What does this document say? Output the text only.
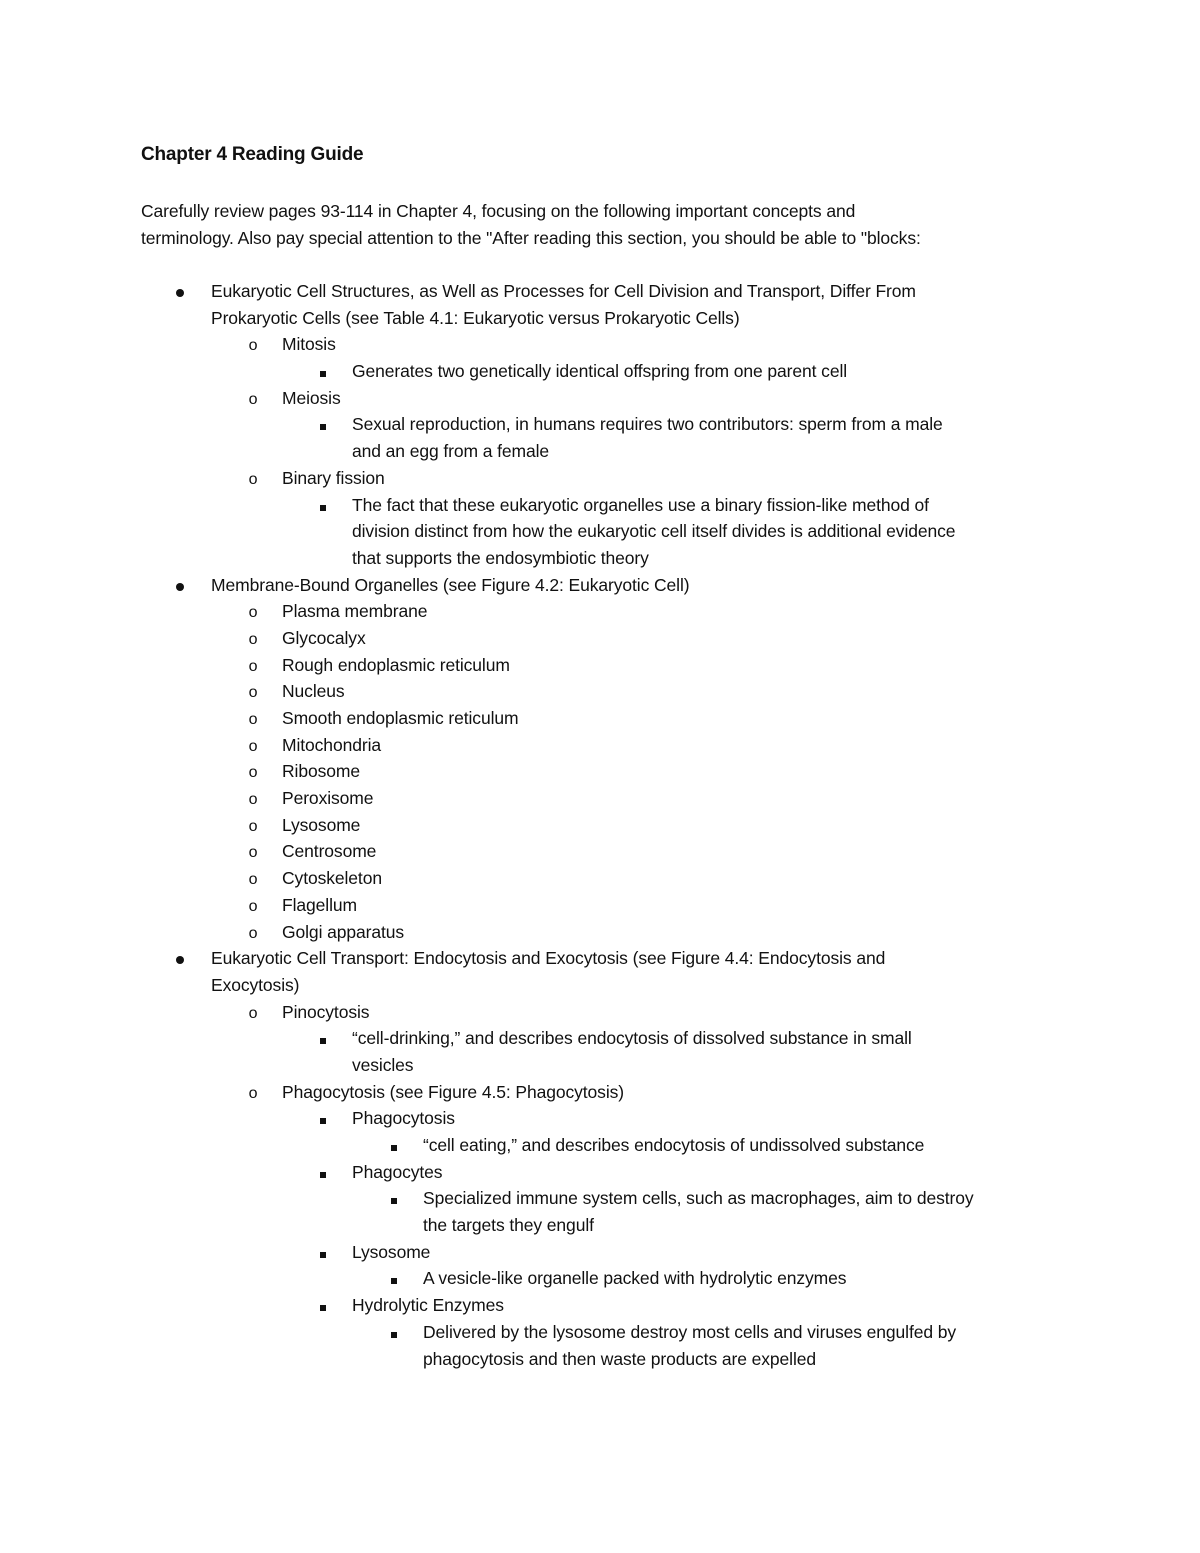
Chapter 4 Reading Guide
Carefully review pages 93-114 in Chapter 4, focusing on the following important concepts and
terminology. Also pay special attention to the "After reading this section, you should be able to "blocks:
Eukaryotic Cell Structures, as Well as Processes for Cell Division and Transport, Differ From
Prokaryotic Cells (see Table 4.1: Eukaryotic versus Prokaryotic Cells)
o	Mitosis
Generates two genetically identical offspring from one parent cell
o	Meiosis
Sexual reproduction, in humans requires two contributors: sperm from a male
and an egg from a female
o	Binary fission
The fact that these eukaryotic organelles use a binary fission-like method of
division distinct from how the eukaryotic cell itself divides is additional evidence
that supports the endosymbiotic theory
Membrane-Bound Organelles (see Figure 4.2: Eukaryotic Cell)
o	Plasma membrane
o	Glycocalyx
o	Rough endoplasmic reticulum
o	Nucleus
o	Smooth endoplasmic reticulum
o	Mitochondria
o	Ribosome
o	Peroxisome
o	Lysosome
o	Centrosome
o	Cytoskeleton
o	Flagellum
o	Golgi apparatus
Eukaryotic Cell Transport: Endocytosis and Exocytosis (see Figure 4.4: Endocytosis and
Exocytosis)
o	Pinocytosis
“cell-drinking,” and describes endocytosis of dissolved substance in small
vesicles
o	Phagocytosis (see Figure 4.5: Phagocytosis)
Phagocytosis
“cell eating,” and describes endocytosis of undissolved substance
Phagocytes
Specialized immune system cells, such as macrophages, aim to destroy
the targets they engulf
Lysosome
A vesicle-like organelle packed with hydrolytic enzymes
Hydrolytic Enzymes
Delivered by the lysosome destroy most cells and viruses engulfed by
phagocytosis and then waste products are expelled
